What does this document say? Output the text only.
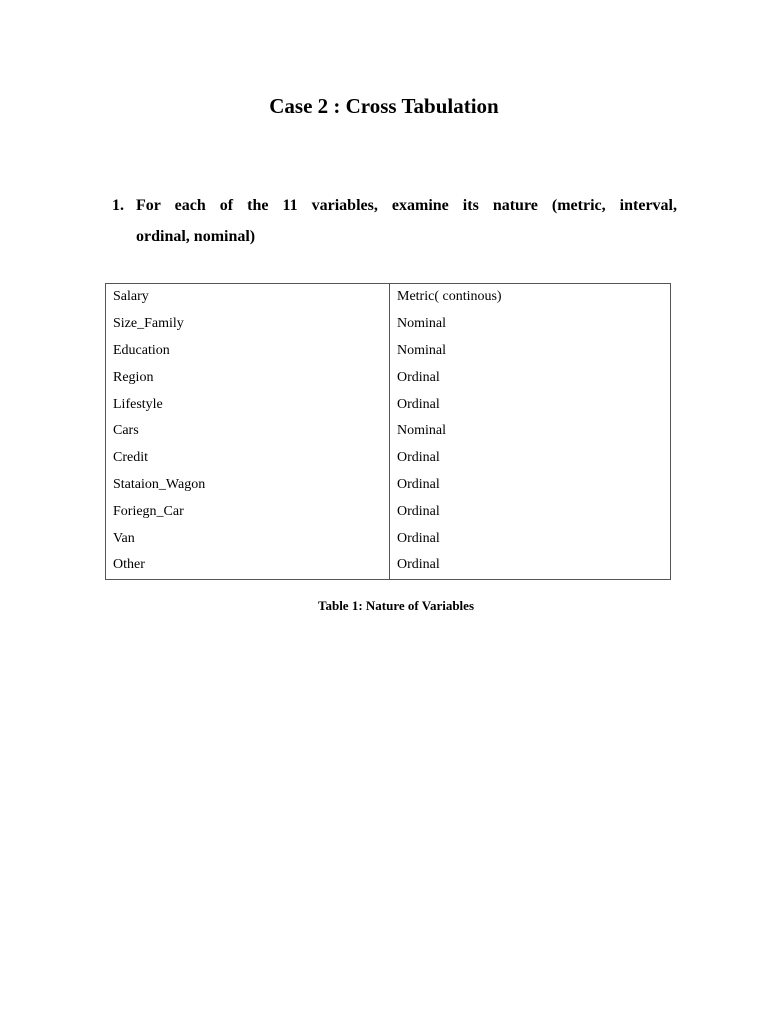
Case 2 : Cross Tabulation
1. For each of the 11 variables, examine its nature (metric, interval,
ordinal, nominal)
Salary	Metric( continous)
Size_Family	Nominal
Education	Nominal
Region	Ordinal
Lifestyle	Ordinal
Cars	Nominal
Credit	Ordinal
Stataion_Wagon	Ordinal
Foriegn_Car	Ordinal
Van	Ordinal
Other	Ordinal

Table 1: Nature of Variables
